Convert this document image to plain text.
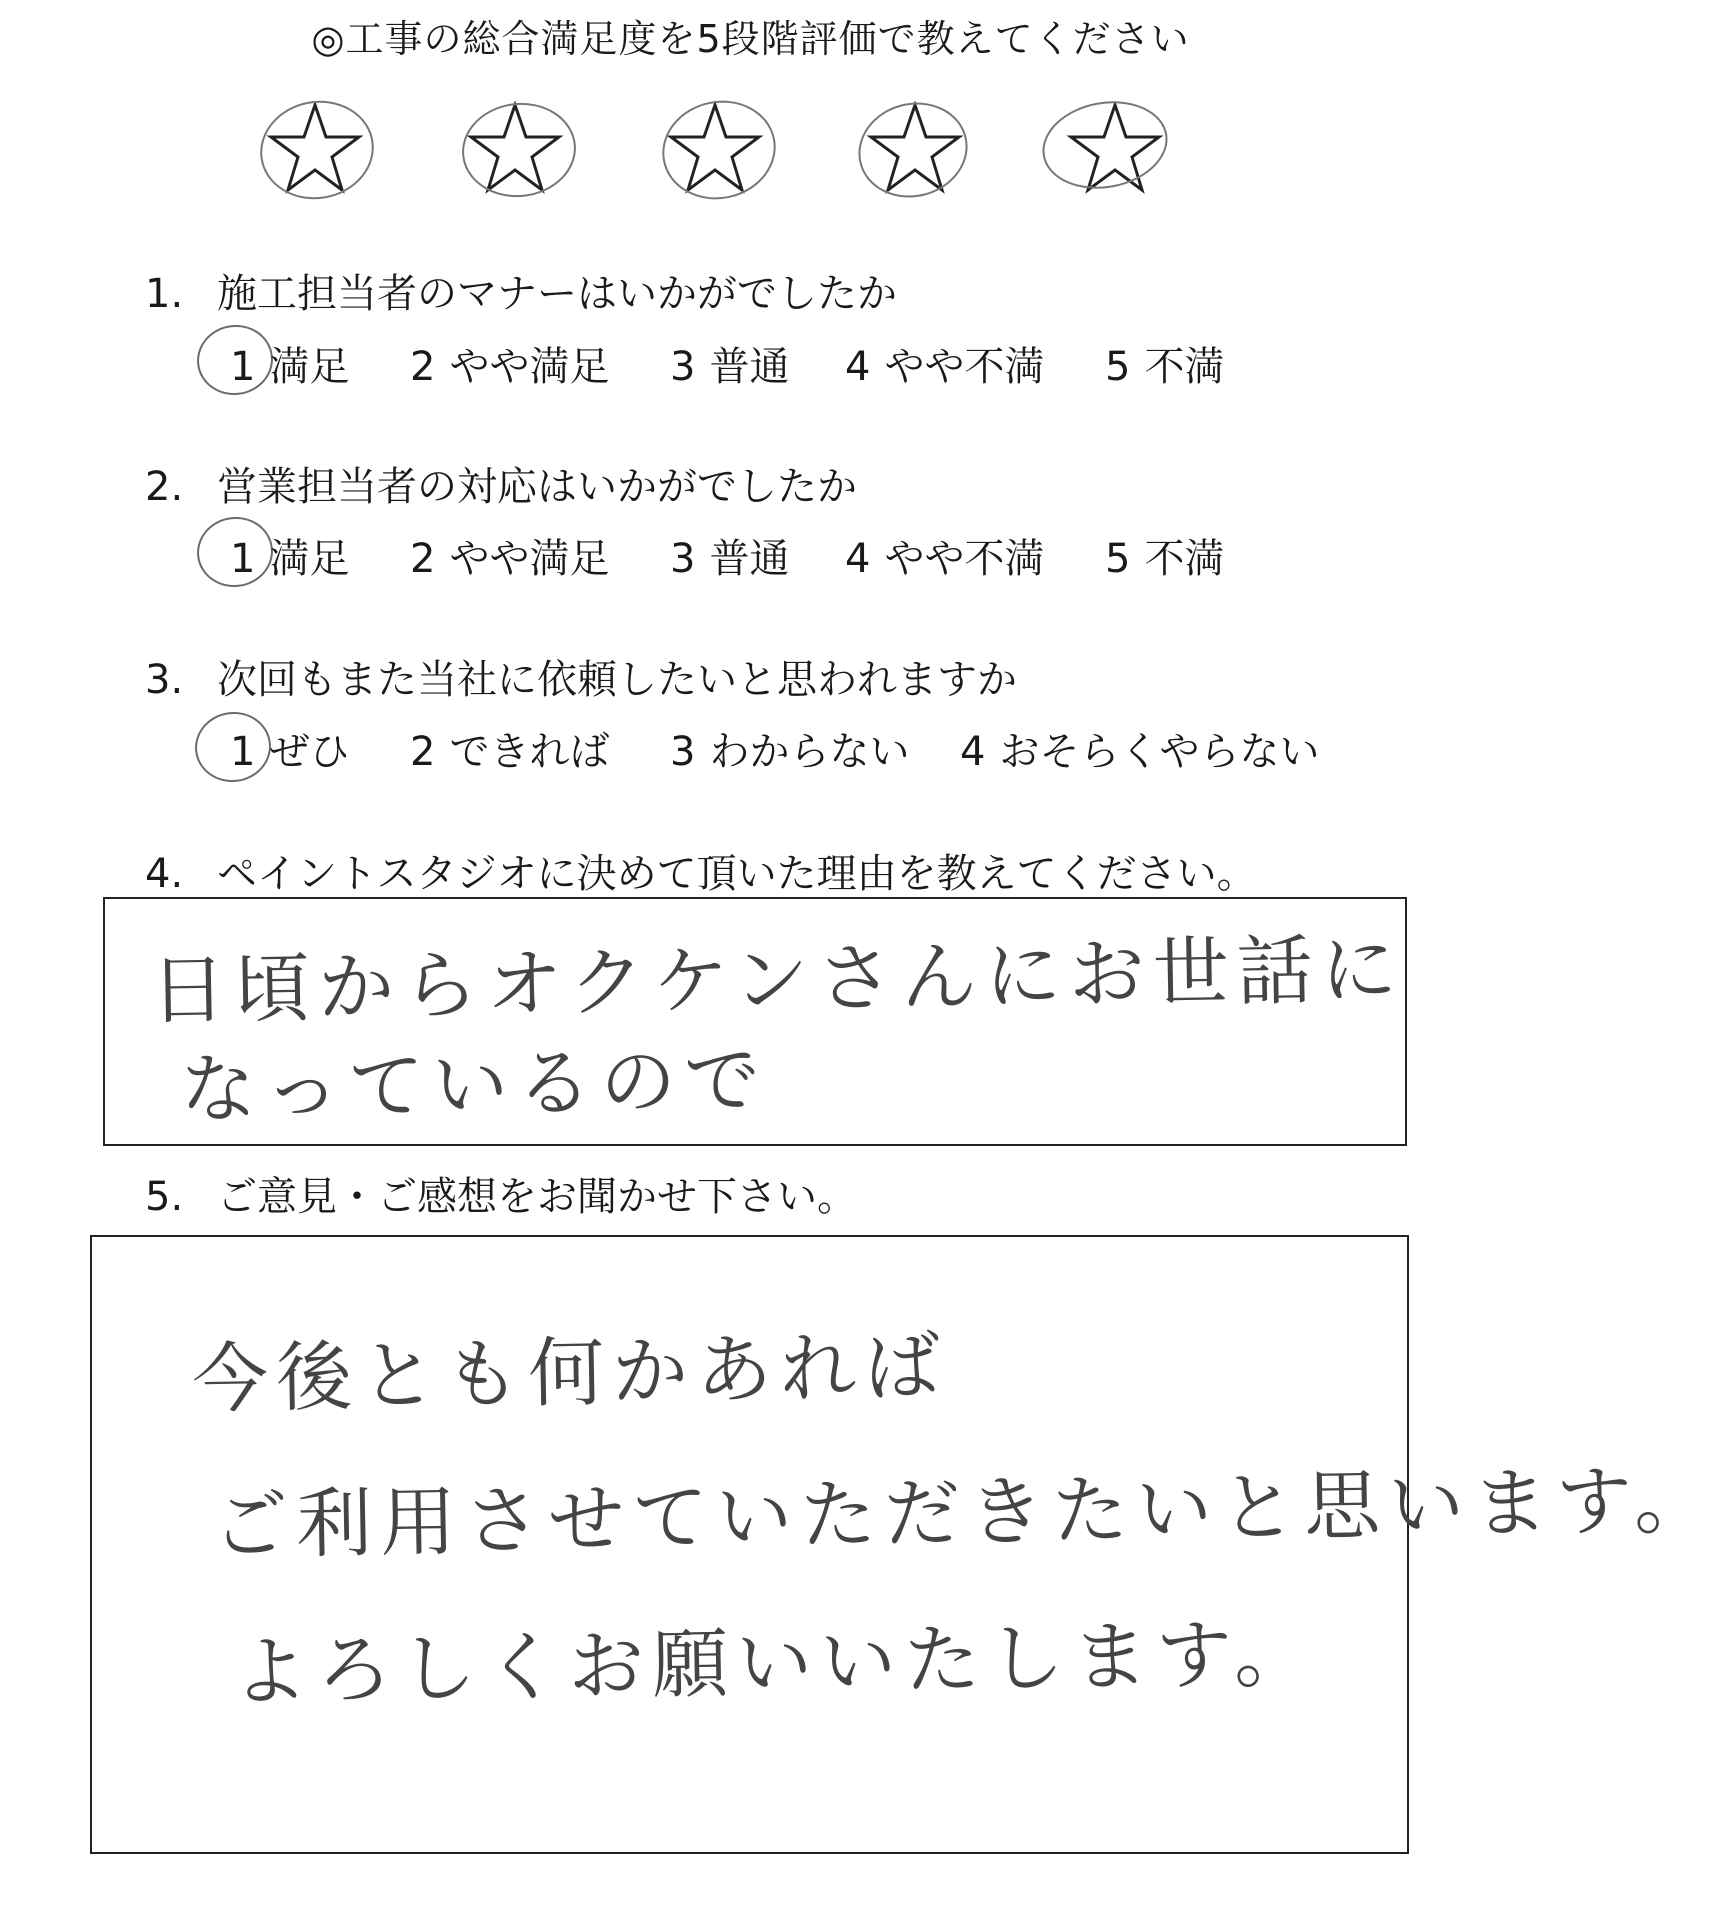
◎工事の総合満足度を5段階評価で教えてください
1. 施工担当者のマナーはいかがでしたか
1 満足 2 やや満足 3 普通 4 やや不満 5 不満
2. 営業担当者の対応はいかがでしたか
1 満足 2 やや満足 3 普通 4 やや不満 5 不満
3. 次回もまた当社に依頼したいと思われますか
1 ぜひ 2 できれば 3 わからない 4 おそらくやらない
4. ペイントスタジオに決めて頂いた理由を教えてください。
日頃からオクケンさんにお世話に
なっているので
5. ご意見・ご感想をお聞かせ下さい。
今後とも何かあれば
ご利用させていただきたいと思います。
よろしくお願いいたします。
